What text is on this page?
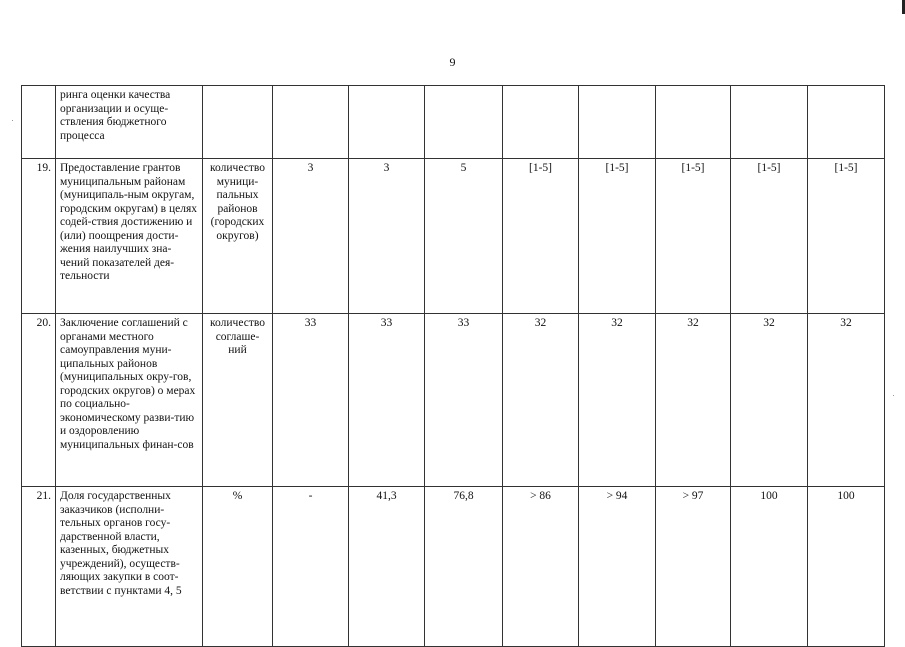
9
	ринга оценки качества организации и осуще-ствления бюджетного процесса									
19.	Предоставление грантов муниципальным районам (муниципаль-ным округам, городским округам) в целях содей-ствия достижению и (или) поощрения дости-жения наилучших зна-чений показателей дея-тельности	количество муници-пальных районов (городских округов)	3	3	5	[1-5]	[1-5]	[1-5]	[1-5]	[1-5]
20.	Заключение соглашений с органами местного самоуправления муни-ципальных районов (муниципальных окру-гов, городских округов) о мерах по социально-экономическому разви-тию и оздоровлению муниципальных финан-сов	количество соглаше-ний	33	33	33	32	32	32	32	32
21.	Доля государственных заказчиков (исполни-тельных органов госу-дарственной власти, казенных, бюджетных учреждений), осуществ-ляющих закупки в соот-ветствии с пунктами 4, 5	%	-	41,3	76,8	> 86	> 94	> 97	100	100
